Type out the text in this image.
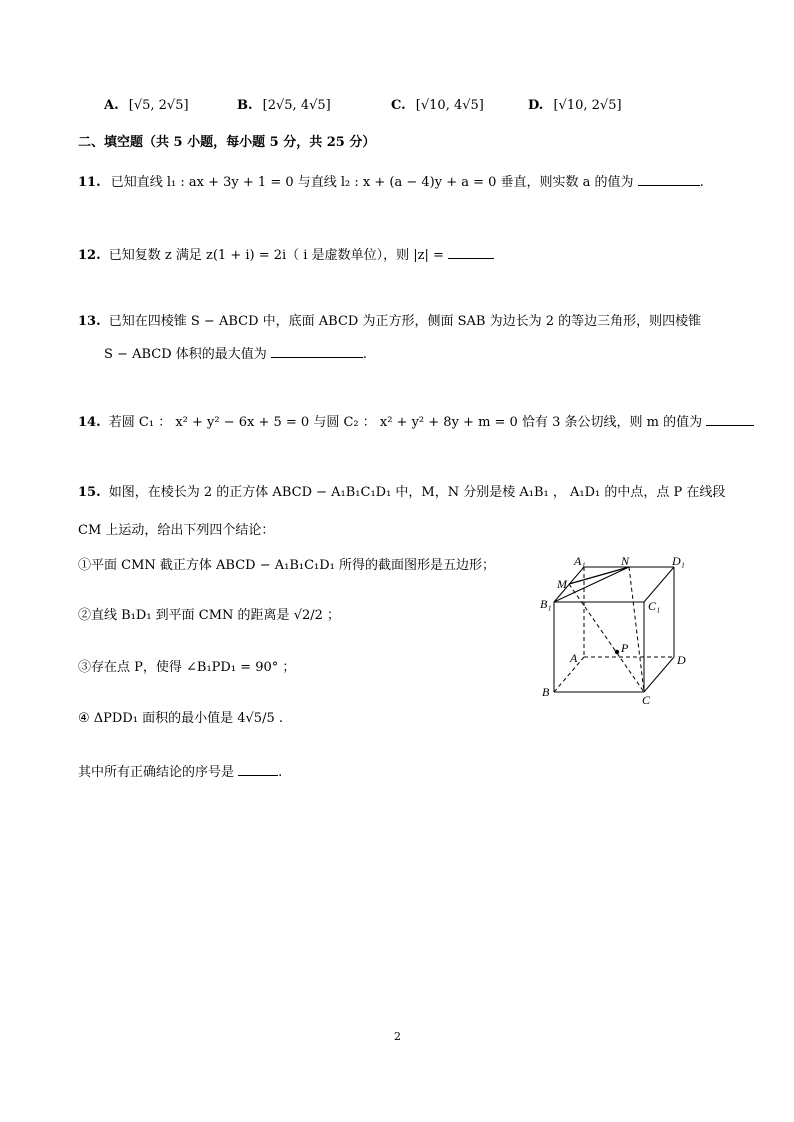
A. [√5, 2√5]	B. [2√5, 4√5]	C. [√10, 4√5]	D. [√10, 2√5]
二、填空题（共 5 小题，每小题 5 分，共 25 分）
11. 已知直线 l₁ : ax + 3y + 1 = 0 与直线 l₂ : x + (a − 4)y + a = 0 垂直，则实数 a 的值为	.
12. 已知复数 z 满足 z(1 + i) = 2i（ i 是虚数单位），则 |z| =
13. 已知在四棱锥 S − ABCD 中，底面 ABCD 为正方形，侧面 SAB 为边长为 2 的等边三角形，则四棱锥
S − ABCD 体积的最大值为	.
14. 若圆 C₁ ： x² + y² − 6x + 5 = 0 与圆 C₂ ： x² + y² + 8y + m = 0 恰有 3 条公切线，则 m 的值为
15. 如图，在棱长为 2 的正方体 ABCD − A₁B₁C₁D₁ 中，M，N 分别是棱 A₁B₁ ， A₁D₁ 的中点，点 P 在线段
CM 上运动，给出下列四个结论：
①平面 CMN 截正方体 ABCD − A₁B₁C₁D₁ 所得的截面图形是五边形；
②直线 B₁D₁ 到平面 CMN 的距离是 √2/2 ；
③存在点 P，使得 ∠B₁PD₁ = 90° ；
④ ΔPDD₁ 面积的最小值是 4√5/5 .
其中所有正确结论的序号是	.
A₁	N	D₁
M
B₁	C₁
P
A	D
B
C
2
